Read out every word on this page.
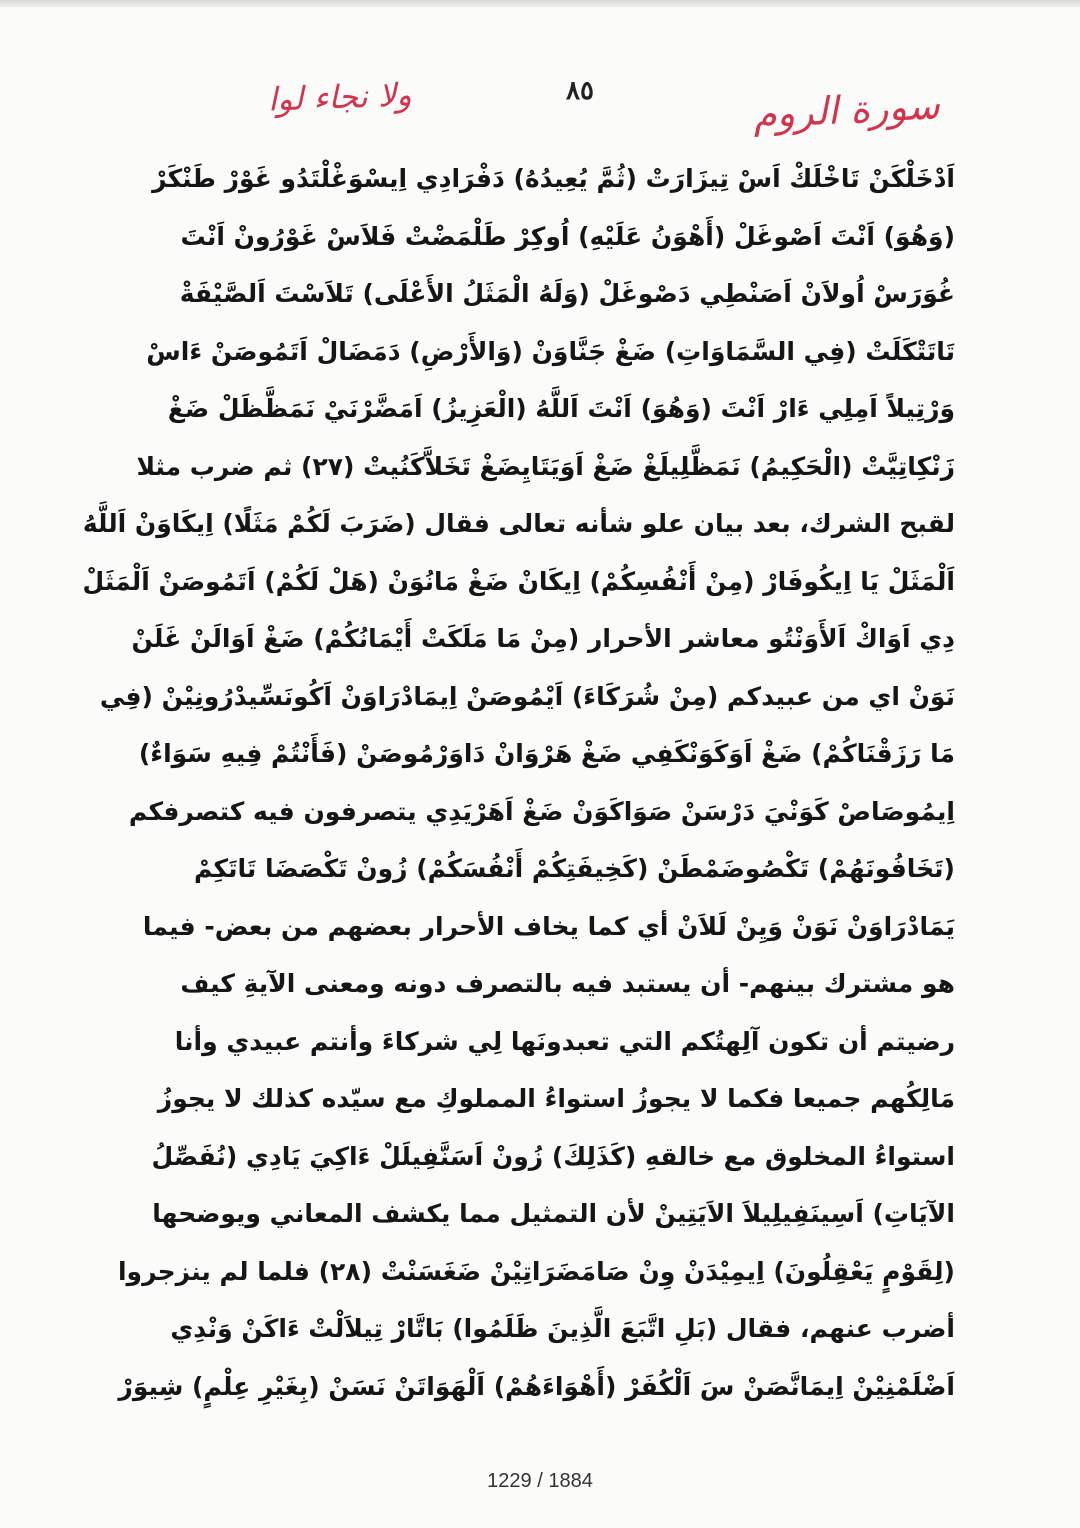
ولا نجاء لوا	٨٥	سورة الروم
اَدْخَلْكَنْ تَاخْلَكْ اَسْ تِيزَارَتْ (ثُمَّ يُعِيدُهُ) دَفْرَادِي اِيسْوَغْلْتَدُو غَوْرْ طَنْكَرْ
(وَهُوَ) اَنْتَ اَصْوغَلْ (أَهْوَنُ عَلَيْهِ) اُوكِرْ طَلْمَضْتْ فَلاَسْ غَوْرُونْ اَنْتَ
غُوَرَسْ اُولاَنْ اَصَنْطِي دَصْوغَلْ (وَلَهُ الْمَثَلُ الأَعْلَى) تَلاَسْتَ اَلصَّيْفَةْ
تَاتَتْكَلَتْ (فِي السَّمَاوَاتِ) ضَغْ جَنَّاوَنْ (وَالأَرْضِ) دَمَضَالْ اَتَمُوصَنْ ءَاسْ
وَرْتِيلاً اَمِلِي ءَارْ اَنْتَ (وَهُوَ) اَنْتَ اَللَّهُ (الْعَزِيزُ) اَمَضَّرْنَيْ نَمَظَّظَلْ ضَغْ
زَنْكِاتِيَّتْ (الْحَكِيمُ) نَمَظَّلِيلَغْ ضَغْ اَوَيَتَايِضَغْ تَخَلاَّكَنُيتْ (٢٧) ثم ضرب مثلا
لقبح الشرك، بعد بيان علو شأنه تعالى فقال (ضَرَبَ لَكُمْ مَثَلًا) اِيكَاوَنْ اَللَّهُ
اَلْمَثَلْ يَا اِيكُوفَارْ (مِنْ أَنْفُسِكُمْ) اِيكَانْ ضَغْ مَانُوَنْ (هَلْ لَكُمْ) اَتَمُوصَنْ اَلْمَثَلْ
دِي اَوَاكْ اَلأَوَنْتُو معاشر الأحرار (مِنْ مَا مَلَكَتْ أَيْمَانُكُمْ) ضَغْ اَوَالَنْ غَلَنْ
نَوَنْ اي من عبيدكم (مِنْ شُرَكَاءَ) اَيْمُوصَنْ اِيمَادْرَاوَنْ اَكُونَسِّيدْرُونِيْنْ (فِي
مَا رَزَقْنَاكُمْ) ضَغْ اَوَكَوَنْكَفِي ضَغْ هَرْوَانْ دَاوَرْمُوصَنْ (فَأَنْتُمْ فِيهِ سَوَاءٌ)
اِيمُوصَاصْ كَوَنْيَ دَرْسَنْ صَوَاكَوَنْ ضَغْ اَهَرْيَدِي يتصرفون فيه كتصرفكم
(تَخَافُونَهُمْ) تَكْصُوضَمْطَنْ (كَخِيفَتِكُمْ أَنْفُسَكُمْ) زُونْ تَكْصَضَا تَاتَكِمْ
يَمَادْرَاوَنْ نَوَنْ وَيِنْ لَلاَنْ أي كما يخاف الأحرار بعضهم من بعض- فيما
هو مشترك بينهم- أن يستبد فيه بالتصرف دونه ومعنى الآيةِ كيف
رضيتم أن تكون آلِهتُكم التي تعبدونَها لِي شركاءَ وأنتم عبيدي وأنا
مَالِكُهم جميعا فكما لا يجوزُ استواءُ المملوكِ مع سيّده كذلك لا يجوزُ
استواءُ المخلوق مع خالقهِ (كَذَلِكَ) زُونْ اَسَنَّفِيلَلْ ءَاكِيَ يَادِي (نُفَصِّلُ
الآيَاتِ) اَسِينَفِيلِيلاَ الاَيَتِينْ لأن التمثيل مما يكشف المعاني ويوضحها
(لِقَوْمٍ يَعْقِلُونَ) اِيمِيْدَنْ وِنْ صَامَضَرَاتِيْنْ ضَغَسَنْتْ (٢٨) فلما لم ينزجروا
أضرب عنهم، فقال (بَلِ اتَّبَعَ الَّذِينَ ظَلَمُوا) بَاتَّارْ تِيلاَلْتْ ءَاكَنْ وَنْدِي
اَضْلَمْنِيْنْ اِيمَانَّصَنْ سَ اَلْكُفَرْ (أَهْوَاءَهُمْ) اَلْهَوَاتَنْ نَسَنْ (بِغَيْرِ عِلْمٍ) شِيوَرْ
1229 / 1884
